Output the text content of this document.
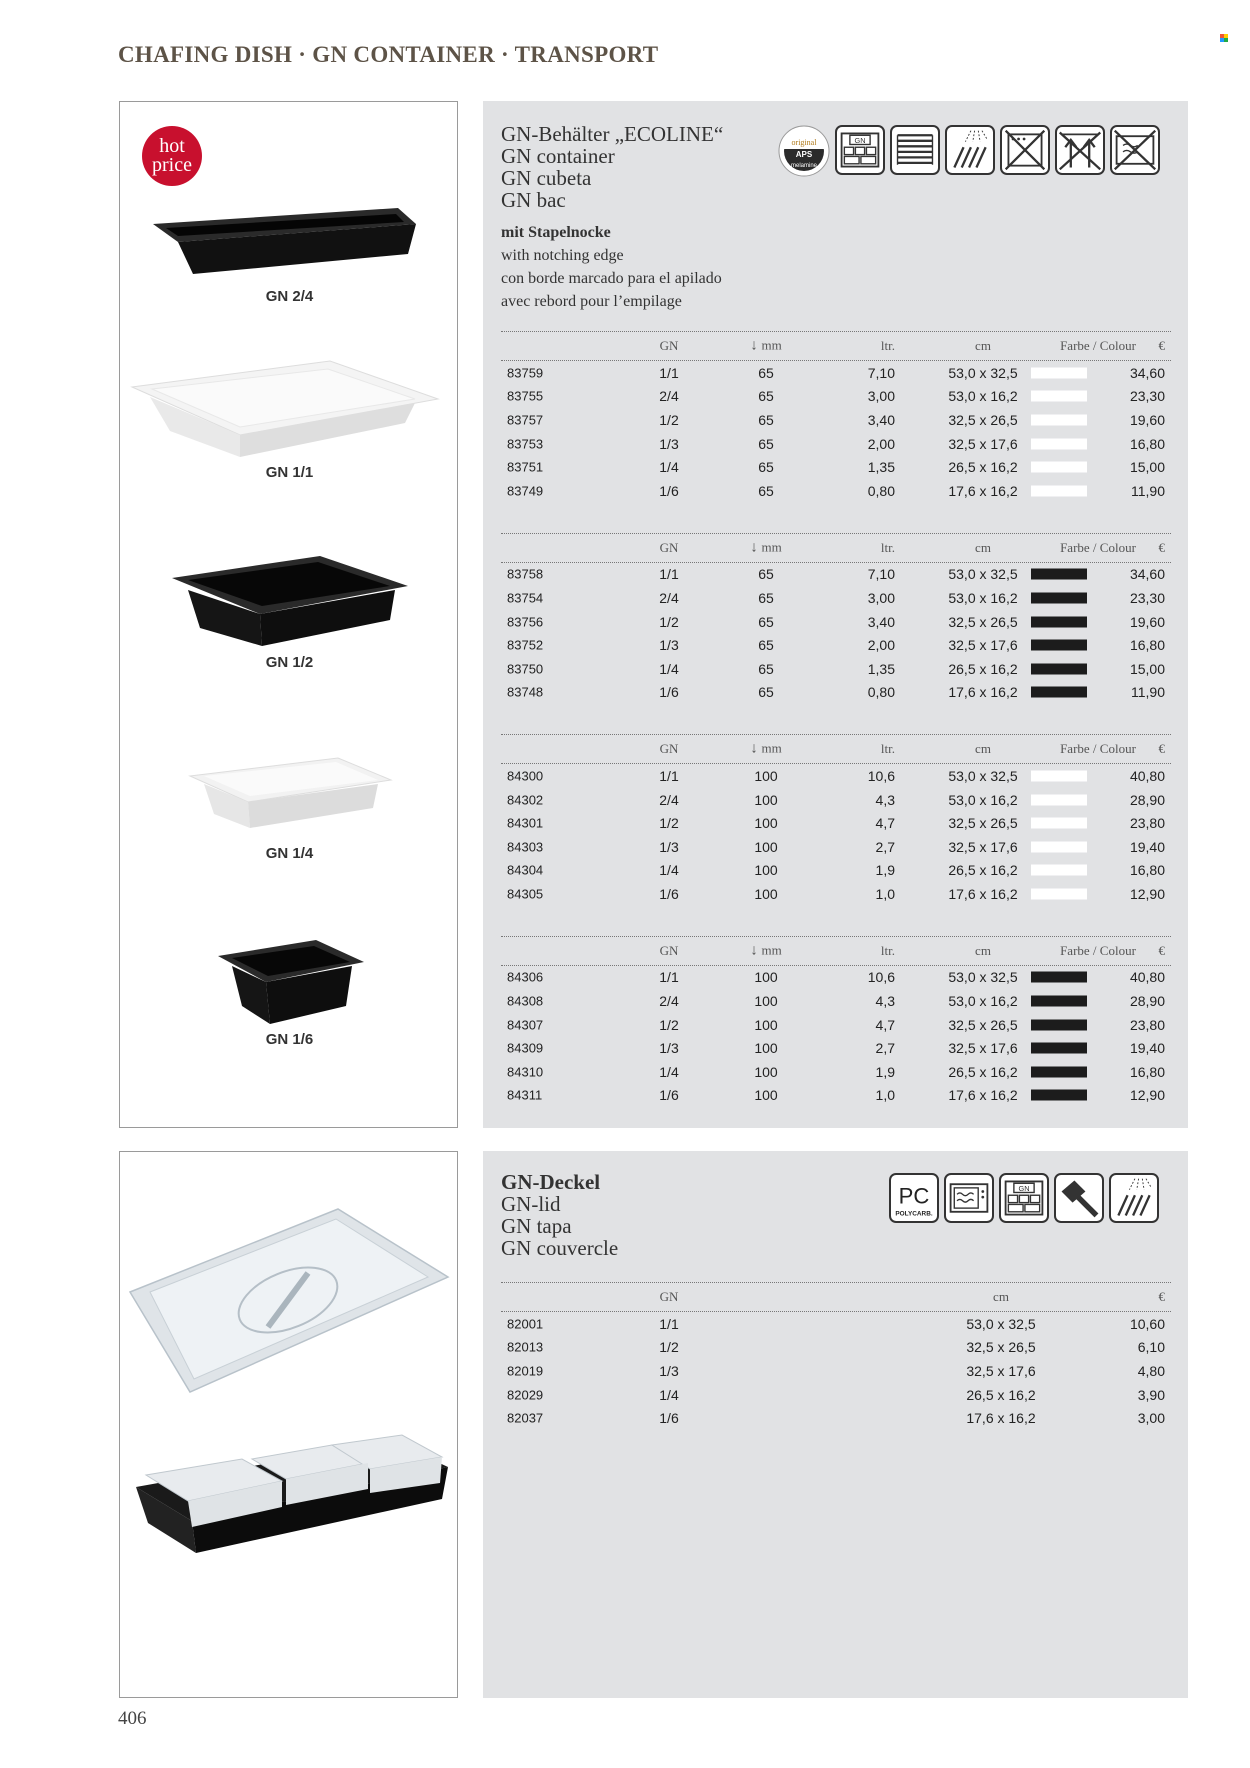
CHAFING DISH · GN CONTAINER · TRANSPORT
hot
price
GN 2/4
GN 1/1
GN 1/2
GN 1/4
GN 1/6
GN-Behälter „ECOLINE“
GN container
GN cubeta
GN bac
mit Stapelnocke
with notching edge
con borde marcado para el apilado
avec rebord pour l’empilage
original
APS
melamine
GN
GN	↓ mm	ltr.	cm	Farbe / Colour	€
83759	1/1	65	7,10	53,0 x 32,5	34,60
83755	2/4	65	3,00	53,0 x 16,2	23,30
83757	1/2	65	3,40	32,5 x 26,5	19,60
83753	1/3	65	2,00	32,5 x 17,6	16,80
83751	1/4	65	1,35	26,5 x 16,2	15,00
83749	1/6	65	0,80	17,6 x 16,2	11,90
GN	↓ mm	ltr.	cm	Farbe / Colour	€
83758	1/1	65	7,10	53,0 x 32,5	34,60
83754	2/4	65	3,00	53,0 x 16,2	23,30
83756	1/2	65	3,40	32,5 x 26,5	19,60
83752	1/3	65	2,00	32,5 x 17,6	16,80
83750	1/4	65	1,35	26,5 x 16,2	15,00
83748	1/6	65	0,80	17,6 x 16,2	11,90
GN	↓ mm	ltr.	cm	Farbe / Colour	€
84300	1/1	100	10,6	53,0 x 32,5	40,80
84302	2/4	100	4,3	53,0 x 16,2	28,90
84301	1/2	100	4,7	32,5 x 26,5	23,80
84303	1/3	100	2,7	32,5 x 17,6	19,40
84304	1/4	100	1,9	26,5 x 16,2	16,80
84305	1/6	100	1,0	17,6 x 16,2	12,90
GN	↓ mm	ltr.	cm	Farbe / Colour	€
84306	1/1	100	10,6	53,0 x 32,5	40,80
84308	2/4	100	4,3	53,0 x 16,2	28,90
84307	1/2	100	4,7	32,5 x 26,5	23,80
84309	1/3	100	2,7	32,5 x 17,6	19,40
84310	1/4	100	1,9	26,5 x 16,2	16,80
84311	1/6	100	1,0	17,6 x 16,2	12,90
GN-Deckel
GN-lid
GN tapa
GN couvercle
PC
POLYCARB.
GN
GN	cm	€
82001	1/1	53,0 x 32,5	10,60
82013	1/2	32,5 x 26,5	6,10
82019	1/3	32,5 x 17,6	4,80
82029	1/4	26,5 x 16,2	3,90
82037	1/6	17,6 x 16,2	3,00
406
